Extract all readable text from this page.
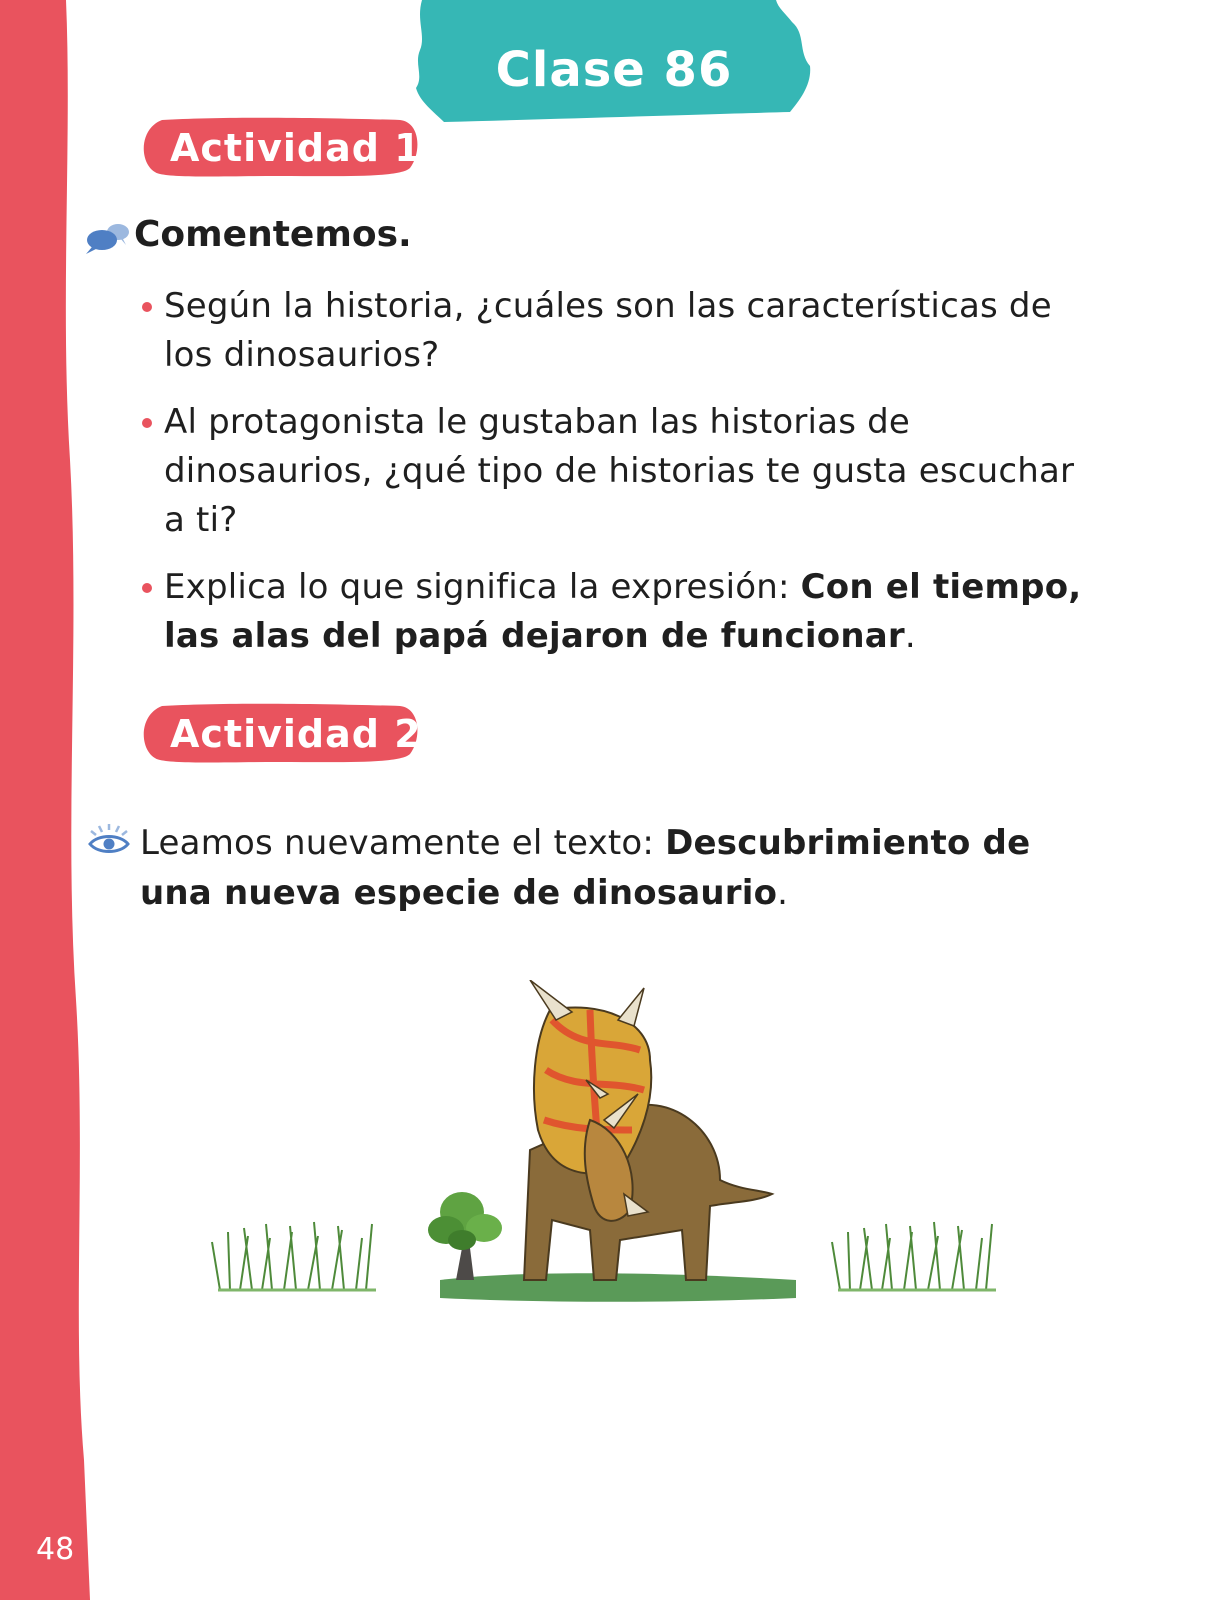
48
Clase 86
Actividad 1
Comentemos.
Según la historia, ¿cuáles son las características de los dinosaurios?
Al protagonista le gustaban las historias de dinosaurios, ¿qué tipo de historias te gusta escuchar a ti?
Explica lo que significa la expresión: Con el tiempo, las alas del papá dejaron de funcionar.
Actividad 2
Leamos nuevamente el texto: Descubrimiento de una nueva especie de dinosaurio.
